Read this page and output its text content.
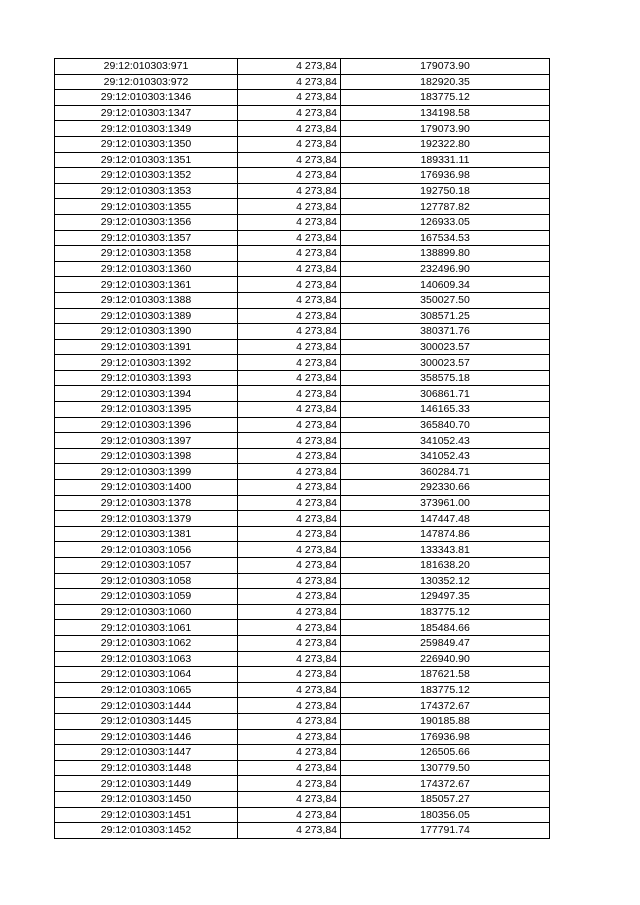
29:12:010303:971	4 273,84	179073.90
29:12:010303:972	4 273,84	182920.35
29:12:010303:1346	4 273,84	183775.12
29:12:010303:1347	4 273,84	134198.58
29:12:010303:1349	4 273,84	179073.90
29:12:010303:1350	4 273,84	192322.80
29:12:010303:1351	4 273,84	189331.11
29:12:010303:1352	4 273,84	176936.98
29:12:010303:1353	4 273,84	192750.18
29:12:010303:1355	4 273,84	127787.82
29:12:010303:1356	4 273,84	126933.05
29:12:010303:1357	4 273,84	167534.53
29:12:010303:1358	4 273,84	138899.80
29:12:010303:1360	4 273,84	232496.90
29:12:010303:1361	4 273,84	140609.34
29:12:010303:1388	4 273,84	350027.50
29:12:010303:1389	4 273,84	308571.25
29:12:010303:1390	4 273,84	380371.76
29:12:010303:1391	4 273,84	300023.57
29:12:010303:1392	4 273,84	300023.57
29:12:010303:1393	4 273,84	358575.18
29:12:010303:1394	4 273,84	306861.71
29:12:010303:1395	4 273,84	146165.33
29:12:010303:1396	4 273,84	365840.70
29:12:010303:1397	4 273,84	341052.43
29:12:010303:1398	4 273,84	341052.43
29:12:010303:1399	4 273,84	360284.71
29:12:010303:1400	4 273,84	292330.66
29:12:010303:1378	4 273,84	373961.00
29:12:010303:1379	4 273,84	147447.48
29:12:010303:1381	4 273,84	147874.86
29:12:010303:1056	4 273,84	133343.81
29:12:010303:1057	4 273,84	181638.20
29:12:010303:1058	4 273,84	130352.12
29:12:010303:1059	4 273,84	129497.35
29:12:010303:1060	4 273,84	183775.12
29:12:010303:1061	4 273,84	185484.66
29:12:010303:1062	4 273,84	259849.47
29:12:010303:1063	4 273,84	226940.90
29:12:010303:1064	4 273,84	187621.58
29:12:010303:1065	4 273,84	183775.12
29:12:010303:1444	4 273,84	174372.67
29:12:010303:1445	4 273,84	190185.88
29:12:010303:1446	4 273,84	176936.98
29:12:010303:1447	4 273,84	126505.66
29:12:010303:1448	4 273,84	130779.50
29:12:010303:1449	4 273,84	174372.67
29:12:010303:1450	4 273,84	185057.27
29:12:010303:1451	4 273,84	180356.05
29:12:010303:1452	4 273,84	177791.74
